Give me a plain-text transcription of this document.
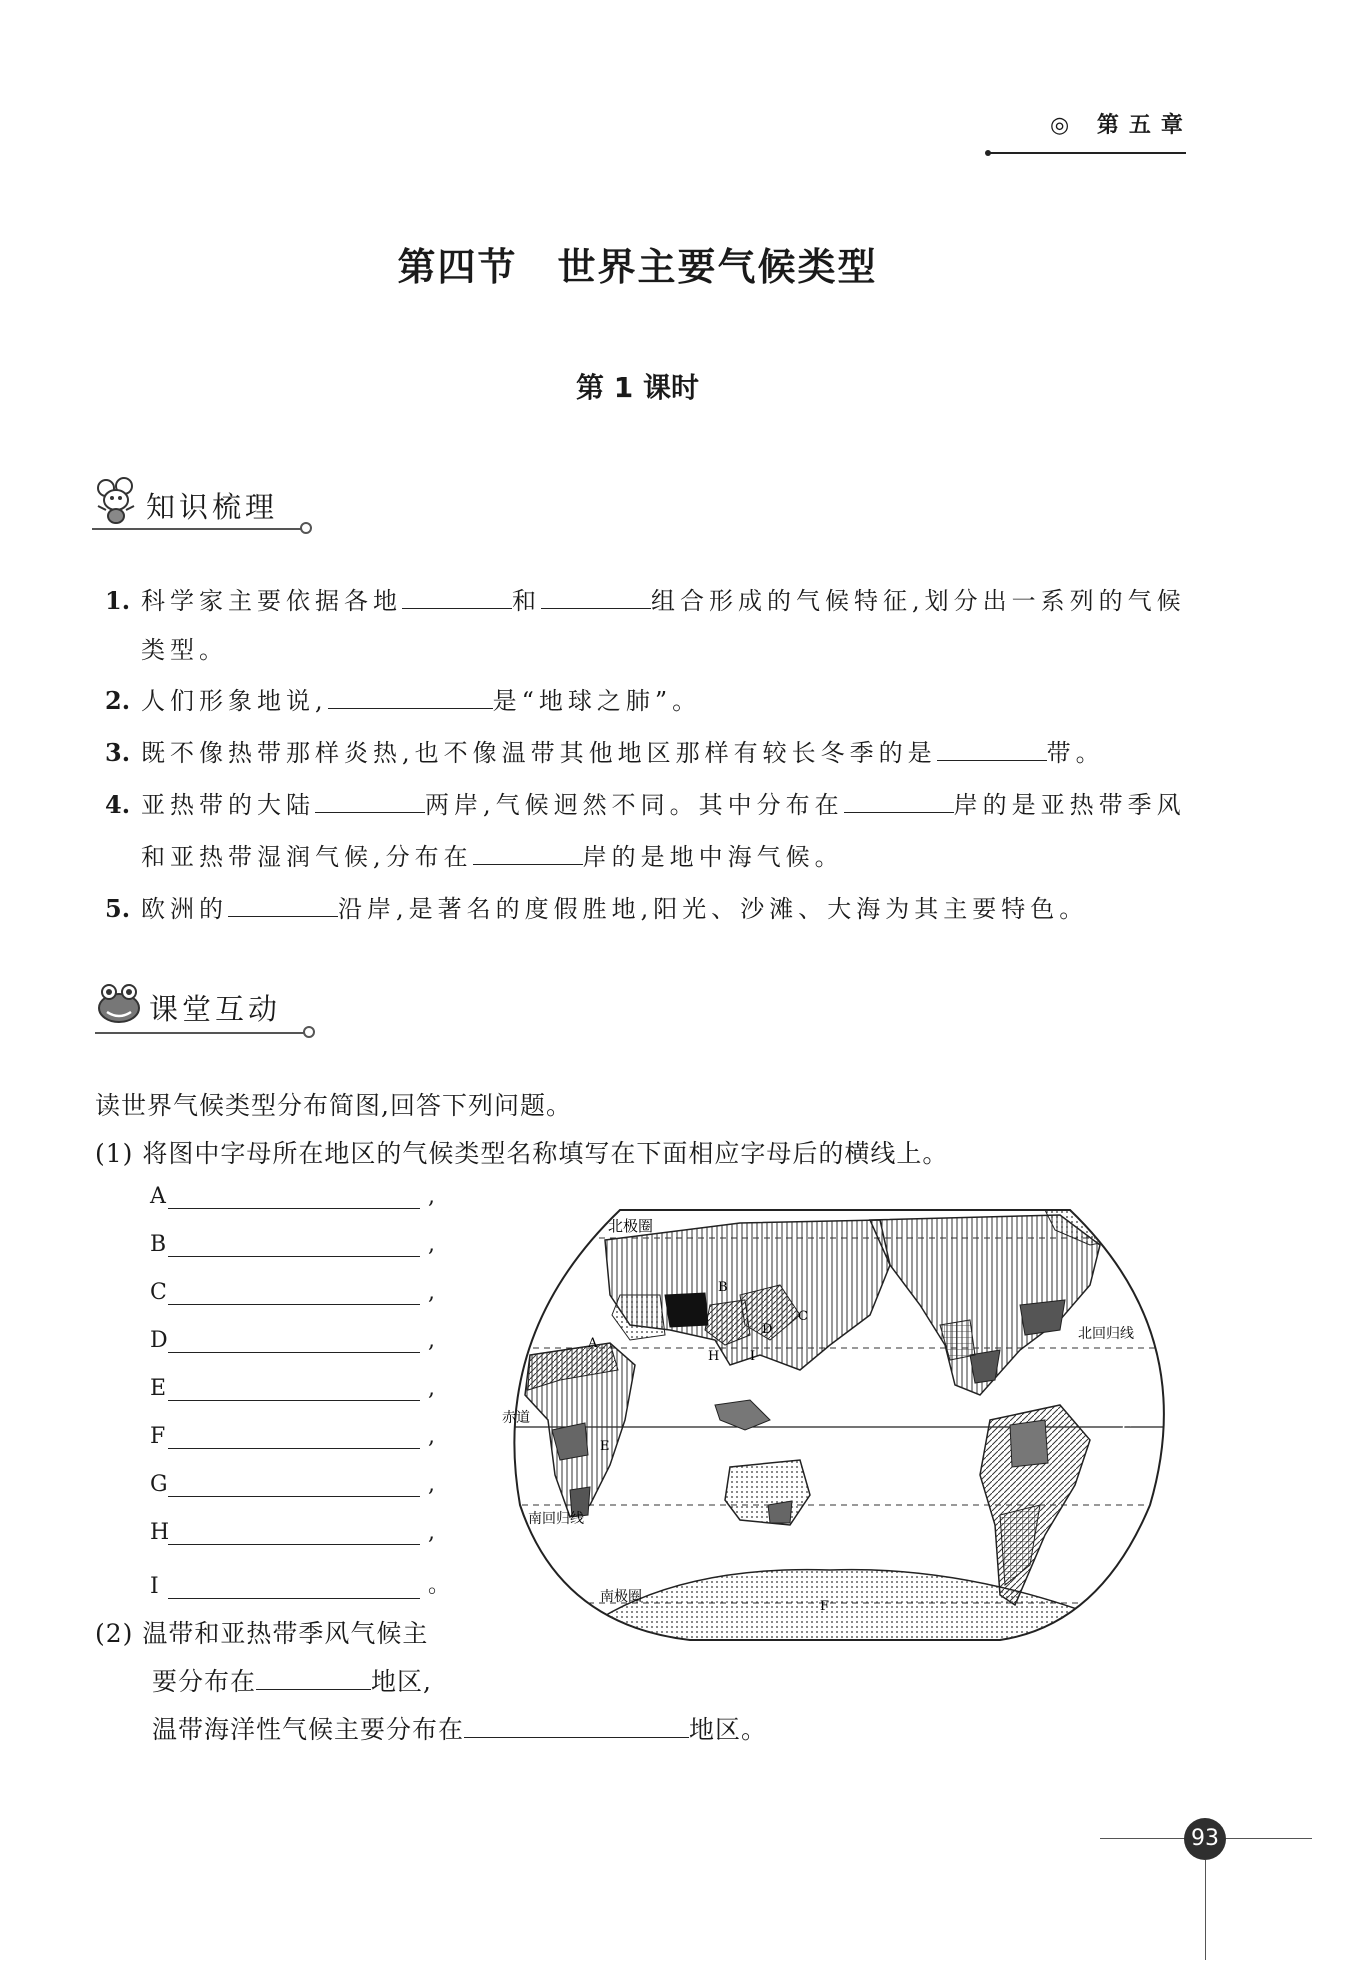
◎ 第五章
第四节　世界主要气候类型
第 1 课时
知识梳理
1. 科学家主要依据各地	和	组合形成的气候特征,划分出一系列的气候
类型。
2. 人们形象地说,	是“地球之肺”。
3. 既不像热带那样炎热,也不像温带其他地区那样有较长冬季的是	带。
4. 亚热带的大陆	两岸,气候迥然不同。其中分布在	岸的是亚热带季风
和亚热带湿润气候,分布在	岸的是地中海气候。
5. 欧洲的	沿岸,是著名的度假胜地,阳光、沙滩、大海为其主要特色。
课堂互动
读世界气候类型分布简图,回答下列问题。
(1) 将图中字母所在地区的气候类型名称填写在下面相应字母后的横线上。
A	,
B	,
C	,
D	,
E	,
F	,
G	,
H	,
I	。
(2) 温带和亚热带季风气候主
要分布在	地区,
温带海洋性气候主要分布在	地区。
北极圈
北回归线
赤道
南回归线
南极圈
A
B
C
D
E
F
G
H I
93
